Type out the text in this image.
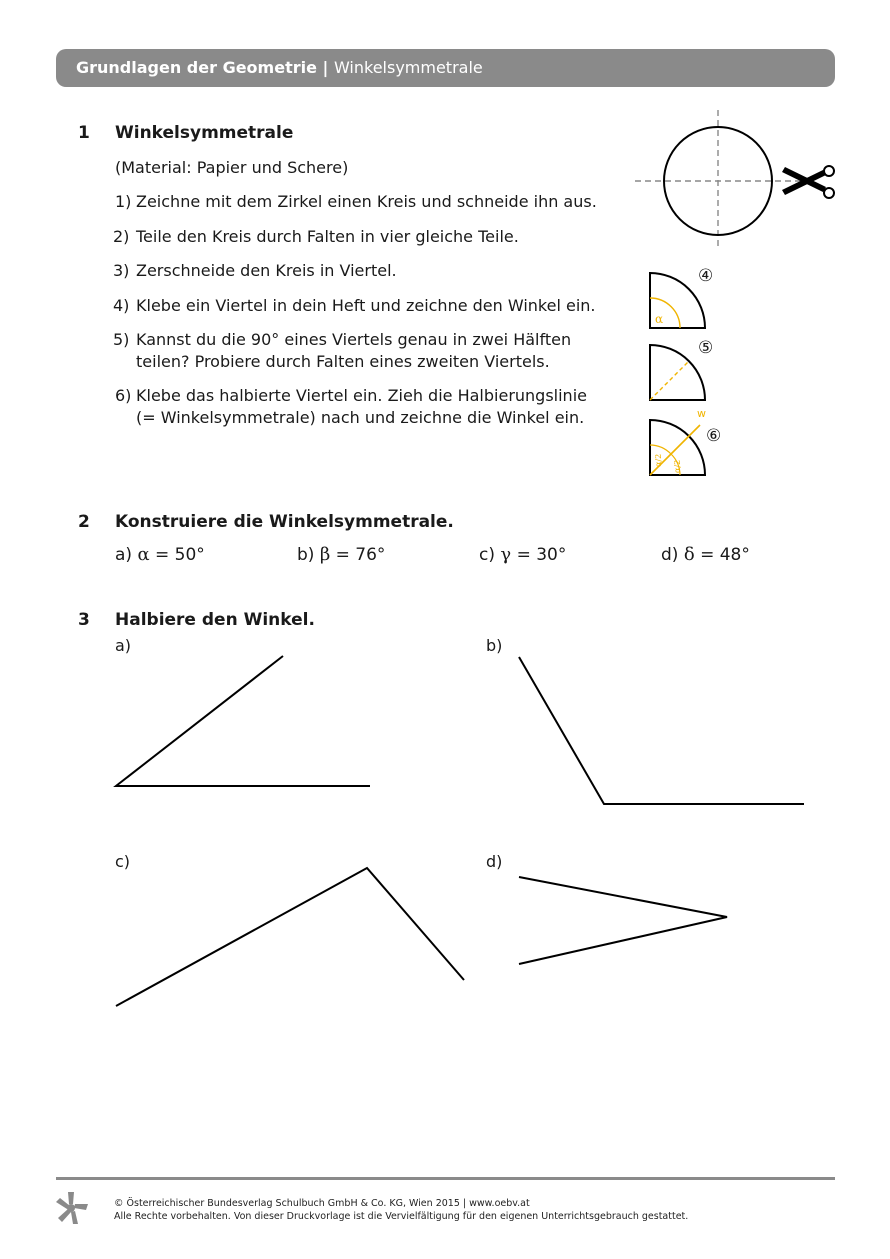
Grundlagen der Geometrie | Winkelsymmetrale
1 Winkelsymmetrale
(Material: Papier und Schere)
1) Zeichne mit dem Zirkel einen Kreis und schneide ihn aus.
2) Teile den Kreis durch Falten in vier gleiche Teile.
3) Zerschneide den Kreis in Viertel.
4) Klebe ein Viertel in dein Heft und zeichne den Winkel ein.
5) Kannst du die 90° eines Viertels genau in zwei Hälften
teilen? Probiere durch Falten eines zweiten Viertels.
6) Klebe das halbierte Viertel ein. Zieh die Halbierungslinie
(= Winkelsymmetrale) nach und zeichne die Winkel ein.
α
④
⑤
w
α/2 α/2
⑥
2 Konstruiere die Winkelsymmetrale.
a) α = 50°	b) β = 76°	c) γ = 30°	d) δ = 48°
3 Halbiere den Winkel.
a)	b)
c)	d)
© Österreichischer Bundesverlag Schulbuch GmbH & Co. KG, Wien 2015 | www.oebv.at
Alle Rechte vorbehalten. Von dieser Druckvorlage ist die Vervielfältigung für den eigenen Unterrichtsgebrauch gestattet.
